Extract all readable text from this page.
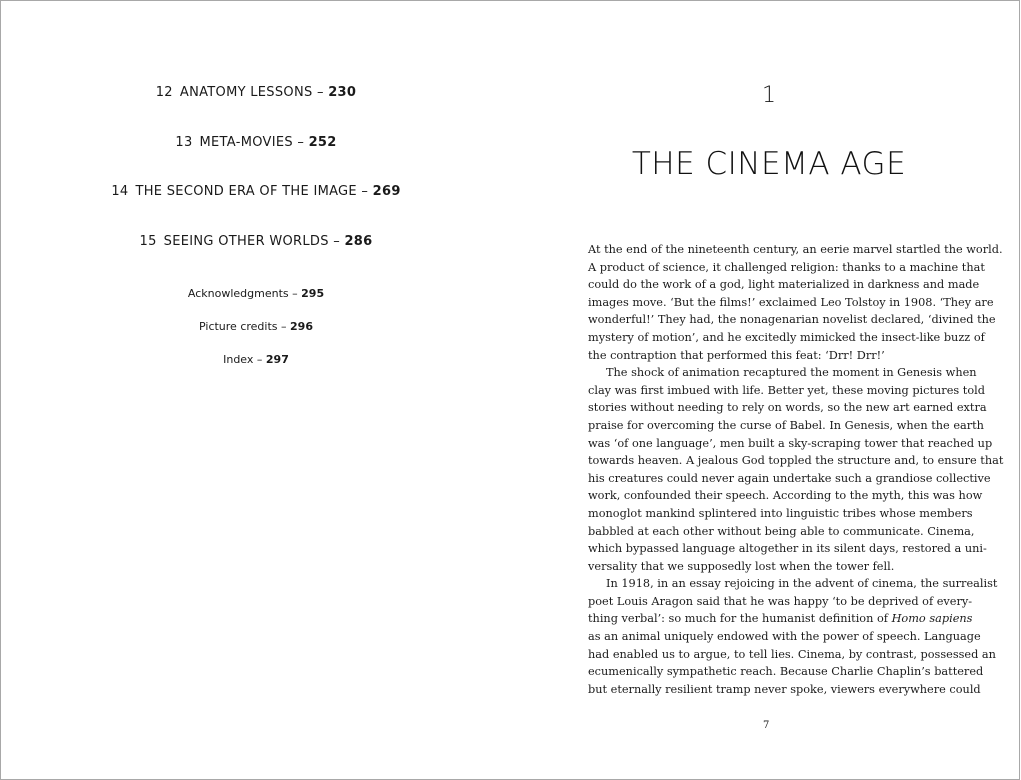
12 ANATOMY LESSONS – 230
13 META-MOVIES – 252
14 THE SECOND ERA OF THE IMAGE – 269
15 SEEING OTHER WORLDS – 286
Acknowledgments – 295
Picture credits – 296
Index – 297
1
THE CINEMA AGE
At the end of the nineteenth century, an eerie marvel startled the world.
A product of science, it challenged religion: thanks to a machine that
could do the work of a god, light materialized in darkness and made
images move. ‘But the films!’ exclaimed Leo Tolstoy in 1908. ‘They are
wonderful!’ They had, the nonagenarian novelist declared, ‘divined the
mystery of motion’, and he excitedly mimicked the insect-like buzz of
the contraption that performed this feat: ‘Drr! Drr!’
The shock of animation recaptured the moment in Genesis when
clay was first imbued with life. Better yet, these moving pictures told
stories without needing to rely on words, so the new art earned extra
praise for overcoming the curse of Babel. In Genesis, when the earth
was ‘of one language’, men built a sky-scraping tower that reached up
towards heaven. A jealous God toppled the structure and, to ensure that
his creatures could never again undertake such a grandiose collective
work, confounded their speech. According to the myth, this was how
monoglot mankind splintered into linguistic tribes whose members
babbled at each other without being able to communicate. Cinema,
which bypassed language altogether in its silent days, restored a uni-
versality that we supposedly lost when the tower fell.
In 1918, in an essay rejoicing in the advent of cinema, the surrealist
poet Louis Aragon said that he was happy ‘to be deprived of every-
thing verbal’: so much for the humanist definition of Homo sapiens
as an animal uniquely endowed with the power of speech. Language
had enabled us to argue, to tell lies. Cinema, by contrast, possessed an
ecumenically sympathetic reach. Because Charlie Chaplin’s battered
but eternally resilient tramp never spoke, viewers everywhere could
7
